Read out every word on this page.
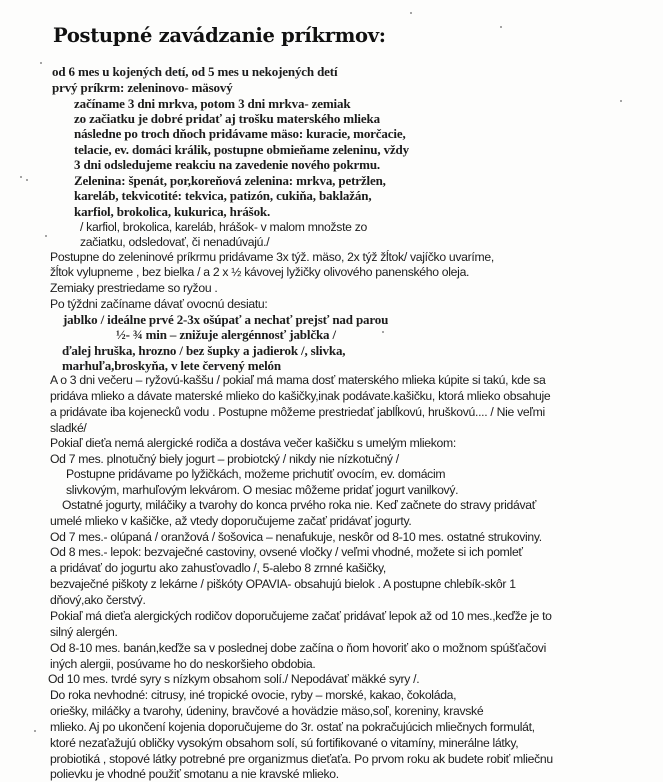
Postupné zavádzanie príkrmov:
od 6 mes u kojených detí, od 5 mes u nekojených detí
prvý príkrm: zeleninovo- mäsový
začíname 3 dni mrkva, potom 3 dni mrkva- zemiak
zo začiatku je dobré pridať aj trošku materského mlieka
následne po troch dňoch pridávame mäso: kuracie, morčacie,
telacie, ev. domáci králik, postupne obmieňame zeleninu, vždy
3 dni odsledujeme reakciu na zavedenie nového pokrmu.
Zelenina: špenát, por,koreňová zelenina: mrkva, petržlen,
kareláb, tekvicotité: tekvica, patizón, cukiňa, baklažán,
karfiol, brokolica, kukurica, hrášok.
/ karfiol, brokolica, kareláb, hrášok- v malom množste zo
začiatku, odsledovať, či nenadúvajú./
Postupne do zeleninové príkrmu pridávame 3x týž. mäso, 2x týž žĺtok/ vajíčko uvaríme,
žĺtok vylupneme , bez bielka / a 2 x ½ kávovej lyžičky olivového panenského oleja.
Zemiaky prestriedame so ryžou .
Po týždni začíname dávať ovocnú desiatu:
jablko / ideálne prvé 2-3x ošúpať a nechať prejsť nad parou
½- ¾ min – znižuje alergénnosť jablčka /
ďalej hruška, hrozno / bez šupky a jadierok /, slivka,
marhuľa,broskyňa, v lete červený melón
A o 3 dni večeru – ryžovú-kaššu / pokiaľ má mama dosť materského mlieka kúpite si takú, kde sa
pridáva mlieko a dávate materské mlieko do kašičky,inak podávate.kašičku, ktorá mlieko obsahuje
a pridávate iba kojenecků vodu . Postupne môžeme prestriedať jablĺkovú, hruškovú.... / Nie veľmi
sladké/
Pokiaľ dieťa nemá alergické rodiča a dostáva večer kašičku s umelým mliekom:
Od 7 mes. plnotučný biely jogurt – probiotcký / nikdy nie nízkotučný /
Postupne pridávame po lyžičkách, možeme prichutiť ovocím, ev. domácim
slivkovým, marhuľovým lekvárom. O mesiac môžeme pridať jogurt vanilkový.
Ostatné jogurty, miláčiky a tvarohy do konca prvého roka nie. Keď začnete do stravy pridávať
umelé mlieko v kašičke, až vtedy doporučujeme začať pridávať jogurty.
Od 7 mes.- olúpaná / oranžová / šošovica – nenafukuje, neskôr od 8-10 mes. ostatné strukoviny.
Od 8 mes.- lepok: bezvaječné castoviny, ovsené vločky / veľmi vhodné, možete si ich pomleť
a pridávať do jogurtu ako zahusťovadlo /, 5-alebo 8 zrnné kašičky,
bezvaječné piškoty z lekárne / piškóty OPAVIA- obsahujú bielok . A postupne chlebík-skôr 1
dňový,ako čerstvý.
Pokiaľ má dieťa alergických rodičov doporučujeme začať pridávať lepok až od 10 mes.,keďže je to
silný alergén.
Od 8-10 mes. banán,keďže sa v poslednej dobe začína o ňom hovoriť ako o možnom spúšťačovi
iných alergii, posúvame ho do neskoršieho obdobia.
Od 10 mes. tvrdé syry s nízkym obsahom solí./ Nepodávať mäkké syry /.
Do roka nevhodné: citrusy, iné tropické ovocie, ryby – morské, kakao, čokoláda,
oriešky, miláčky a tvarohy, údeniny, bravčové a hovädzie mäso,soľ, koreniny, kravské
mlieko. Aj po ukončení kojenia doporučujeme do 3r. ostať na pokračujúcich mliečnych formulát,
ktoré nezaťažujú obličky vysokým obsahom solí, sú fortifikované o vitamíny, minerálne látky,
probiotiká , stopové látky potrebné pre organizmus dieťaťa. Po prvom roku ak budete robiť mliečnu
polievku je vhodné použiť smotanu a nie kravské mlieko.
